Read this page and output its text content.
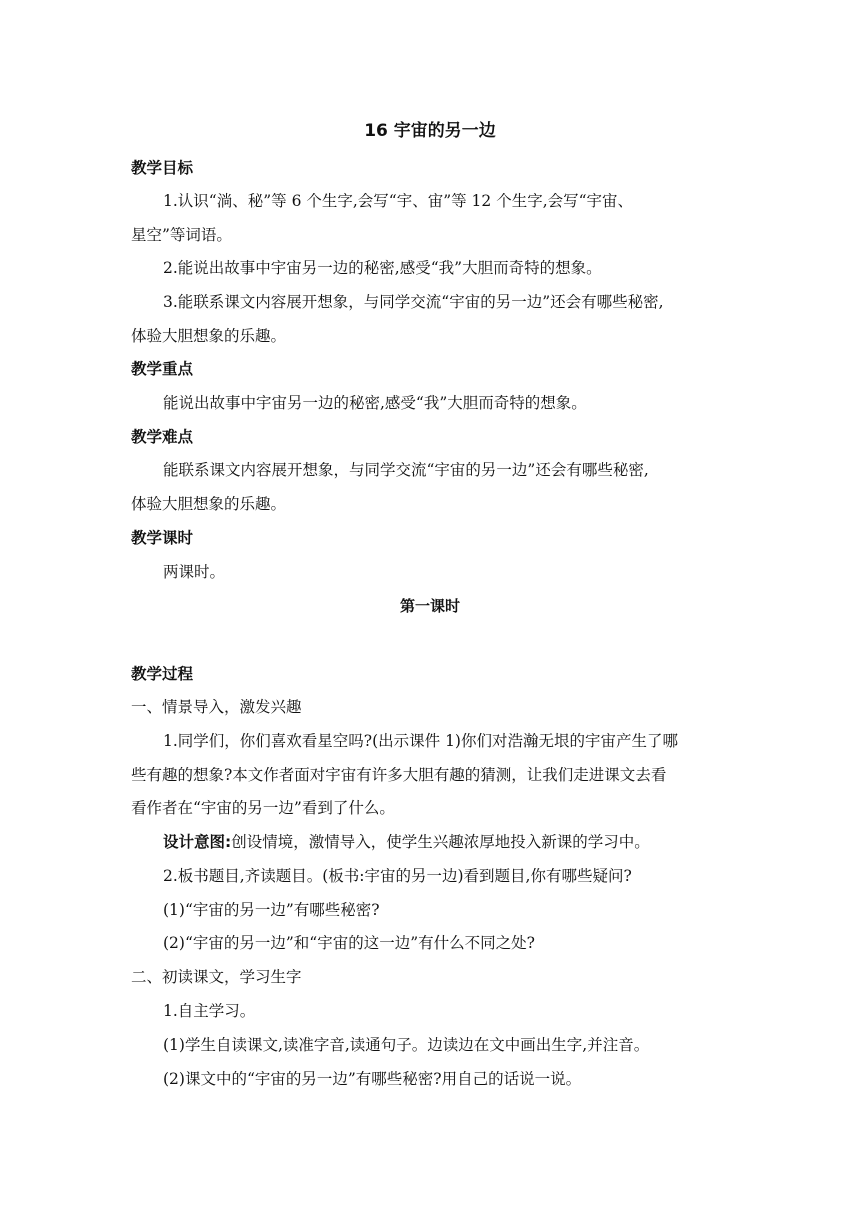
16 宇宙的另一边
教学目标
1.认识“淌、秘”等 6 个生字,会写“宇、宙”等 12 个生字,会写“宇宙、
星空”等词语。
2.能说出故事中宇宙另一边的秘密,感受“我”大胆而奇特的想象。
3.能联系课文内容展开想象，与同学交流“宇宙的另一边”还会有哪些秘密,
体验大胆想象的乐趣。
教学重点
能说出故事中宇宙另一边的秘密,感受“我”大胆而奇特的想象。
教学难点
能联系课文内容展开想象，与同学交流“宇宙的另一边”还会有哪些秘密,
体验大胆想象的乐趣。
教学课时
两课时。
第一课时
教学过程
一、情景导入，激发兴趣
1.同学们，你们喜欢看星空吗?(出示课件 1)你们对浩瀚无垠的宇宙产生了哪
些有趣的想象?本文作者面对宇宙有许多大胆有趣的猜测，让我们走进课文去看
看作者在“宇宙的另一边”看到了什么。
设计意图:创设情境，激情导入，使学生兴趣浓厚地投入新课的学习中。
2.板书题目,齐读题目。(板书:宇宙的另一边)看到题目,你有哪些疑问?
(1)“宇宙的另一边”有哪些秘密?
(2)“宇宙的另一边”和“宇宙的这一边”有什么不同之处?
二、初读课文，学习生字
1.自主学习。
(1)学生自读课文,读准字音,读通句子。边读边在文中画出生字,并注音。
(2)课文中的“宇宙的另一边”有哪些秘密?用自己的话说一说。
